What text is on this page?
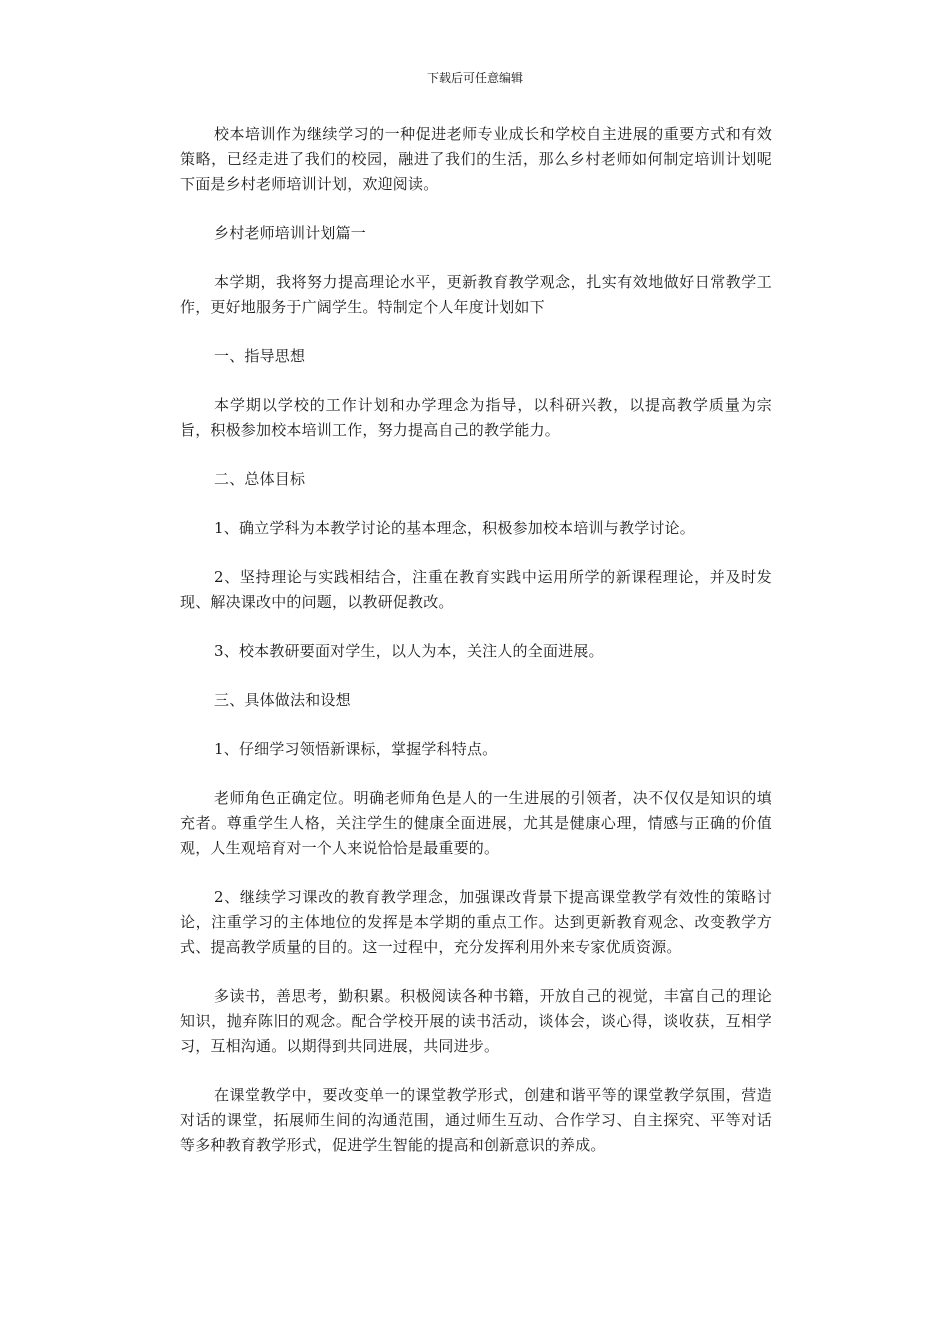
下载后可任意编辑

校本培训作为继续学习的一种促进老师专业成长和学校自主进展的重要方式和有效策略，已经走进了我们的校园，融进了我们的生活，那么乡村老师如何制定培训计划呢下面是乡村老师培训计划，欢迎阅读。

乡村老师培训计划篇一

本学期，我将努力提高理论水平，更新教育教学观念，扎实有效地做好日常教学工作，更好地服务于广阔学生。特制定个人年度计划如下

一、指导思想

本学期以学校的工作计划和办学理念为指导，以科研兴教，以提高教学质量为宗旨，积极参加校本培训工作，努力提高自己的教学能力。

二、总体目标

1、确立学科为本教学讨论的基本理念，积极参加校本培训与教学讨论。

2、坚持理论与实践相结合，注重在教育实践中运用所学的新课程理论，并及时发现、解决课改中的问题，以教研促教改。

3、校本教研要面对学生，以人为本，关注人的全面进展。

三、具体做法和设想

1、仔细学习领悟新课标，掌握学科特点。

老师角色正确定位。明确老师角色是人的一生进展的引领者，决不仅仅是知识的填充者。尊重学生人格，关注学生的健康全面进展，尤其是健康心理，情感与正确的价值观，人生观培育对一个人来说恰恰是最重要的。

2、继续学习课改的教育教学理念，加强课改背景下提高课堂教学有效性的策略讨论，注重学习的主体地位的发挥是本学期的重点工作。达到更新教育观念、改变教学方式、提高教学质量的目的。这一过程中，充分发挥利用外来专家优质资源。

多读书，善思考，勤积累。积极阅读各种书籍，开放自己的视觉，丰富自己的理论知识，抛弃陈旧的观念。配合学校开展的读书活动，谈体会，谈心得，谈收获，互相学习，互相沟通。以期得到共同进展，共同进步。

在课堂教学中，要改变单一的课堂教学形式，创建和谐平等的课堂教学氛围，营造对话的课堂，拓展师生间的沟通范围，通过师生互动、合作学习、自主探究、平等对话等多种教育教学形式，促进学生智能的提高和创新意识的养成。
